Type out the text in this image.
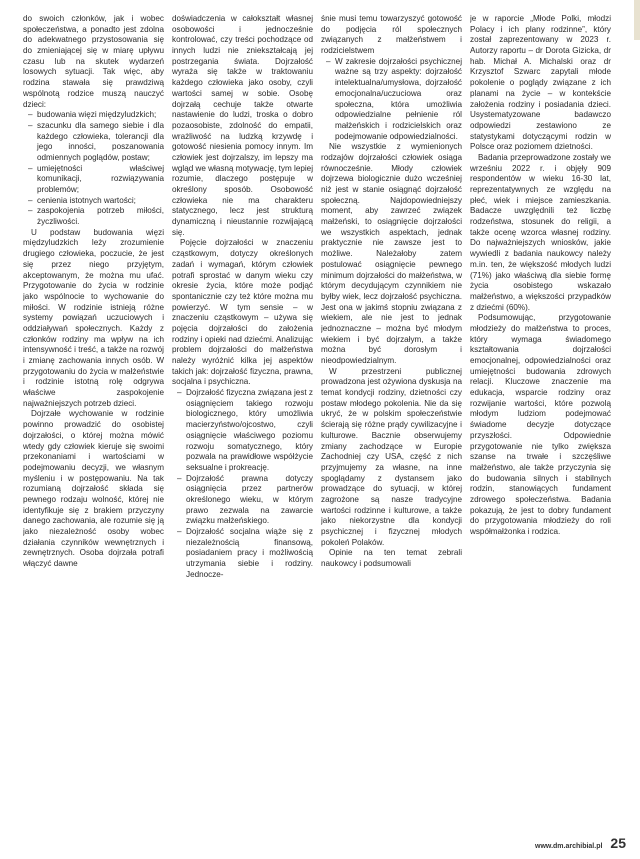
do swoich członków, jak i wobec społeczeństwa, a ponadto jest zdolna do adekwatnego przystosowania się do zmieniającej się w miarę upływu czasu lub na skutek wydarzeń losowych sytuacji. Tak więc, aby rodzina stawała się prawdziwą wspólnotą rodzice muszą nauczyć dzieci:

– budowania więzi międzyludzkich;
– szacunku dla samego siebie i dla każdego człowieka, tolerancji dla jego inności, poszanowania odmiennych poglądów, postaw;
– umiejętności właściwej komunikacji, rozwiązywania problemów;
– cenienia istotnych wartości;
– zaspokojenia potrzeb miłości, życzliwości.

U podstaw budowania więzi międzyludzkich leży zrozumienie drugiego człowieka, poczucie, że jest się przez niego przyjętym, akceptowanym, że można mu ufać. Przygotowanie do życia w rodzinie jako wspólnocie to wychowanie do miłości. W rodzinie istnieją różne systemy powiązań uczuciowych i oddziaływań społecznych. Każdy z członków rodziny ma wpływ na ich intensywność i treść, a także na rozwój i zmianę zachowania innych osób. W przygotowaniu do życia w małżeństwie i rodzinie istotną rolę odgrywa właściwe zaspokojenie najważniejszych potrzeb dzieci.

Dojrzałe wychowanie w rodzinie powinno prowadzić do osobistej dojrzałości, o której można mówić wtedy gdy człowiek kieruje się swoimi przekonaniami i wartościami w podejmowaniu decyzji, we własnym myśleniu i w postępowaniu. Na tak rozumianą dojrzałość składa się pewnego rodzaju wolność, której nie identyfikuje się z brakiem przyczyny danego zachowania, ale rozumie się ją jako niezależność osoby wobec działania czynników wewnętrznych i zewnętrznych. Osoba dojrzała potrafi włączyć dawne

doświadczenia w całokształt własnej osobowości i jednocześnie kontrolować, czy treści pochodzące od innych ludzi nie zniekształcają jej postrzegania świata. Dojrzałość wyraża się także w traktowaniu każdego człowieka jako osoby, czyli wartości samej w sobie. Osobę dojrzałą cechuje także otwarte nastawienie do ludzi, troska o dobro pozaosobiste, zdolność do empatii, wrażliwość na ludzką krzywdę i gotowość niesienia pomocy innym. Im człowiek jest dojrzalszy, im lepszy ma wgląd we własną motywację, tym lepiej rozumie, dlaczego postępuje w określony sposób. Osobowość człowieka nie ma charakteru statycznego, lecz jest strukturą dynamiczną i nieustannie rozwijającą się.

Pojęcie dojrzałości w znaczeniu cząstkowym, dotyczy określonych zadań i wymagań, którym człowiek potrafi sprostać w danym wieku czy okresie życia, które może podjąć spontanicznie czy też które można mu powierzyć. W tym sensie – w znaczeniu cząstkowym – używa się pojęcia dojrzałości do założenia rodziny i opieki nad dziećmi. Analizując problem dojrzałości do małżeństwa należy wyróżnić kilka jej aspektów takich jak: dojrzałość fizyczna, prawna, socjalna i psychiczna.

– Dojrzałość fizyczna związana jest z osiągnięciem takiego rozwoju biologicznego, który umożliwia macierzyństwo/ojcostwo, czyli osiągnięcie właściwego poziomu rozwoju somatycznego, który pozwala na prawidłowe współżycie seksualne i prokreację.
– Dojrzałość prawna dotyczy osiągnięcia przez partnerów określonego wieku, w którym prawo zezwala na zawarcie związku małżeńskiego.
– Dojrzałość socjalna wiąże się z niezależnością finansową, posiadaniem pracy i możliwością utrzymania siebie i rodziny. Jednocze-

śnie musi temu towarzyszyć gotowość do podjęcia ról społecznych związanych z małżeństwem i rodzicielstwem

– W zakresie dojrzałości psychicznej ważne są trzy aspekty: dojrzałość intelektualna/umysłowa, dojrzałość emocjonalna/uczuciowa oraz społeczna, która umożliwia odpowiedzialne pełnienie ról małżeńskich i rodzicielskich oraz podejmowanie odpowiedzialności.

Nie wszystkie z wymienionych rodzajów dojrzałości człowiek osiąga równocześnie. Młody człowiek dojrzewa biologicznie dużo wcześniej niż jest w stanie osiągnąć dojrzałość społeczną. Najdopowiedniejszy moment, aby zawrzeć związek małżeński, to osiągnięcie dojrzałości we wszystkich aspektach, jednak praktycznie nie zawsze jest to możliwe. Należałoby zatem postulować osiągnięcie pewnego minimum dojrzałości do małżeństwa, w którym decydującym czynnikiem nie byłby wiek, lecz dojrzałość psychiczna. Jest ona w jakimś stopniu związana z wiekiem, ale nie jest to jednak jednoznaczne – można być młodym wiekiem i być dojrzałym, a także można być dorosłym i nieodpowiedzialnym.

W przestrzeni publicznej prowadzona jest ożywiona dyskusja na temat kondycji rodziny, dzietności czy postaw młodego pokolenia. Nie da się ukryć, że w polskim społeczeństwie ścierają się różne prądy cywilizacyjne i kulturowe. Bacznie obserwujemy zmiany zachodzące w Europie Zachodniej czy USA, część z nich przyjmujemy za własne, na inne spoglądamy z dystansem jako prowadzące do sytuacji, w której zagrożone są nasze tradycyjne wartości rodzinne i kulturowe, a także jako niekorzystne dla kondycji psychicznej i fizycznej młodych pokoleń Polaków.

Opinie na ten temat zebrali naukowcy i podsumowali

je w raporcie „Młode Polki, młodzi Polacy i ich plany rodzinne”, który został zaprezentowany w 2023 r. Autorzy raportu – dr Dorota Gizicka, dr hab. Michał A. Michalski oraz dr Krzysztof Szwarc zapytali młode pokolenie o poglądy związane z ich planami na życie – w kontekście założenia rodziny i posiadania dzieci. Usystematyzowane badawczo odpowiedzi zestawiono ze statystykami dotyczącymi rodzin w Polsce oraz poziomem dzietności.

Badania przeprowadzone zostały we wrześniu 2022 r. i objęły 909 respondentów w wieku 16-30 lat, reprezentatywnych ze względu na płeć, wiek i miejsce zamieszkania. Badacze uwzględnili też liczbę rodzeństwa, stosunek do religii, a także ocenę wzorca własnej rodziny. Do najważniejszych wniosków, jakie wywiedli z badania naukowcy należy m.in. ten, że większość młodych ludzi (71%) jako właściwą dla siebie formę życia osobistego wskazało małżeństwo, a większości przypadków z dziećmi (60%).

Podsumowując, przygotowanie młodzieży do małżeństwa to proces, który wymaga świadomego kształtowania dojrzałości emocjonalnej, odpowiedzialności oraz umiejętności budowania zdrowych relacji. Kluczowe znaczenie ma edukacja, wsparcie rodziny oraz rozwijanie wartości, które pozwolą młodym ludziom podejmować świadome decyzje dotyczące przyszłości. Odpowiednie przygotowanie nie tylko zwiększa szanse na trwałe i szczęśliwe małżeństwo, ale także przyczynia się do budowania silnych i stabilnych rodzin, stanowiących fundament zdrowego społeczeństwa. Badania pokazują, że jest to dobry fundament do przygotowania młodzieży do roli współmałżonka i rodzica.

www.dm.archibial.pl 25
